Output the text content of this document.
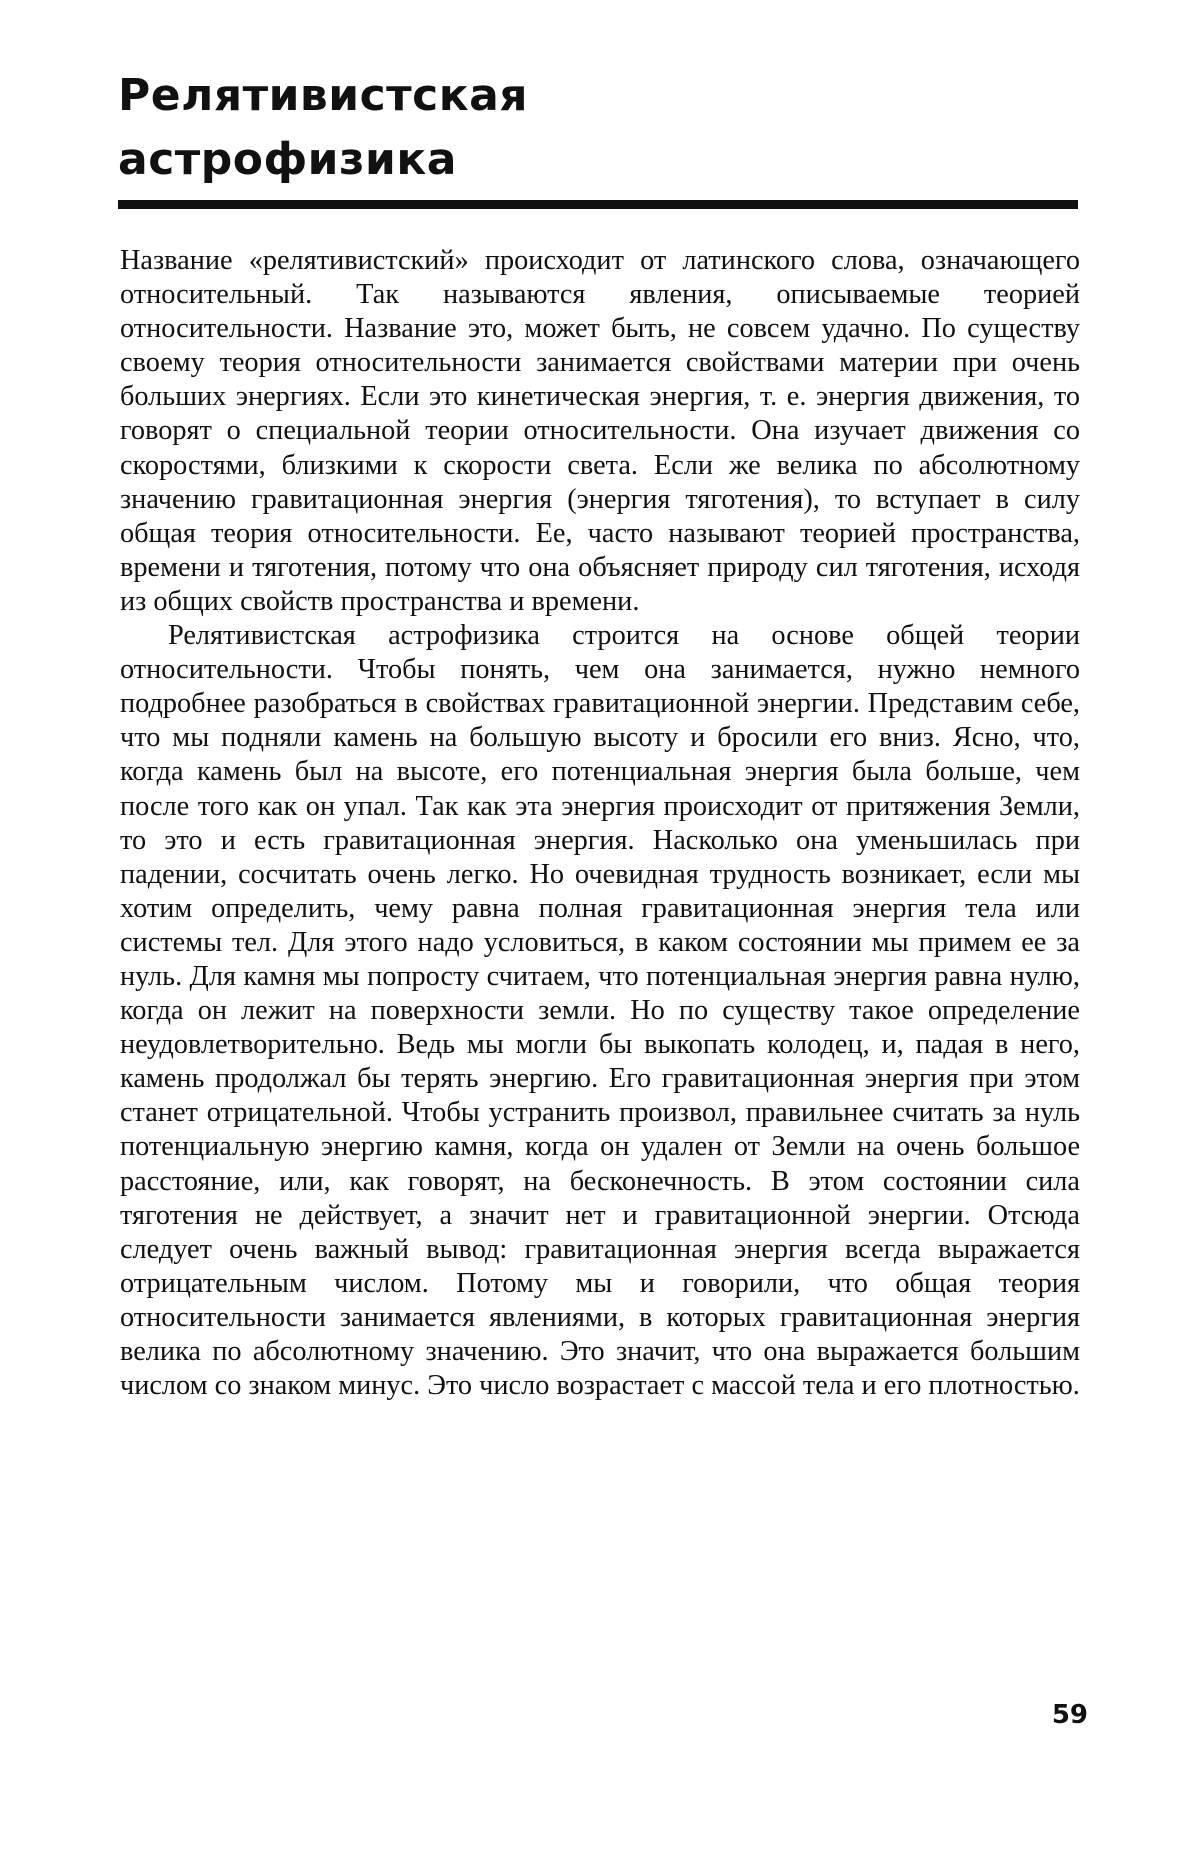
Релятивистская
астрофизика

Название «релятивистский» происходит от латинского слова, означающего относительный. Так называются явления, описываемые теорией относительности. Название это, может быть, не совсем удачно. По существу своему теория относительности занимается свойствами материи при очень больших энергиях. Если это кинетическая энергия, т. е. энергия движения, то говорят о специальной теории относительности. Она изучает движения со скоростями, близкими к скорости света. Если же велика по абсолютному значению гравитационная энергия (энергия тяготения), то вступает в силу общая теория относительности. Ее, часто называют теорией пространства, времени и тяготения, потому что она объясняет природу сил тяготения, исходя из общих свойств пространства и времени.

Релятивистская астрофизика строится на основе общей теории относительности. Чтобы понять, чем она занимается, нужно немного подробнее разобраться в свойствах гравитационной энергии. Представим себе, что мы подняли камень на большую высоту и бросили его вниз. Ясно, что, когда камень был на высоте, его потенциальная энергия была больше, чем после того как он упал. Так как эта энергия происходит от притяжения Земли, то это и есть гравитационная энергия. Насколько она уменьшилась при падении, сосчитать очень легко. Но очевидная трудность возникает, если мы хотим определить, чему равна полная гравитационная энергия тела или системы тел. Для этого надо условиться, в каком состоянии мы примем ее за нуль. Для камня мы попросту считаем, что потенциальная энергия равна нулю, когда он лежит на поверхности земли. Но по существу такое определение неудовлетворительно. Ведь мы могли бы выкопать колодец, и, падая в него, камень продолжал бы терять энергию. Его гравитационная энергия при этом станет отрицательной. Чтобы устранить произвол, правильнее считать за нуль потенциальную энергию камня, когда он удален от Земли на очень большое расстояние, или, как говорят, на бесконечность. В этом состоянии сила тяготения не действует, а значит нет и гравитационной энергии. Отсюда следует очень важный вывод: гравитационная энергия всегда выражается отрицательным числом. Потому мы и говорили, что общая теория относительности занимается явлениями, в которых гравитационная энергия велика по абсолютному значению. Это значит, что она выражается большим числом со знаком минус. Это число возрастает с массой тела и его плотностью.

59
